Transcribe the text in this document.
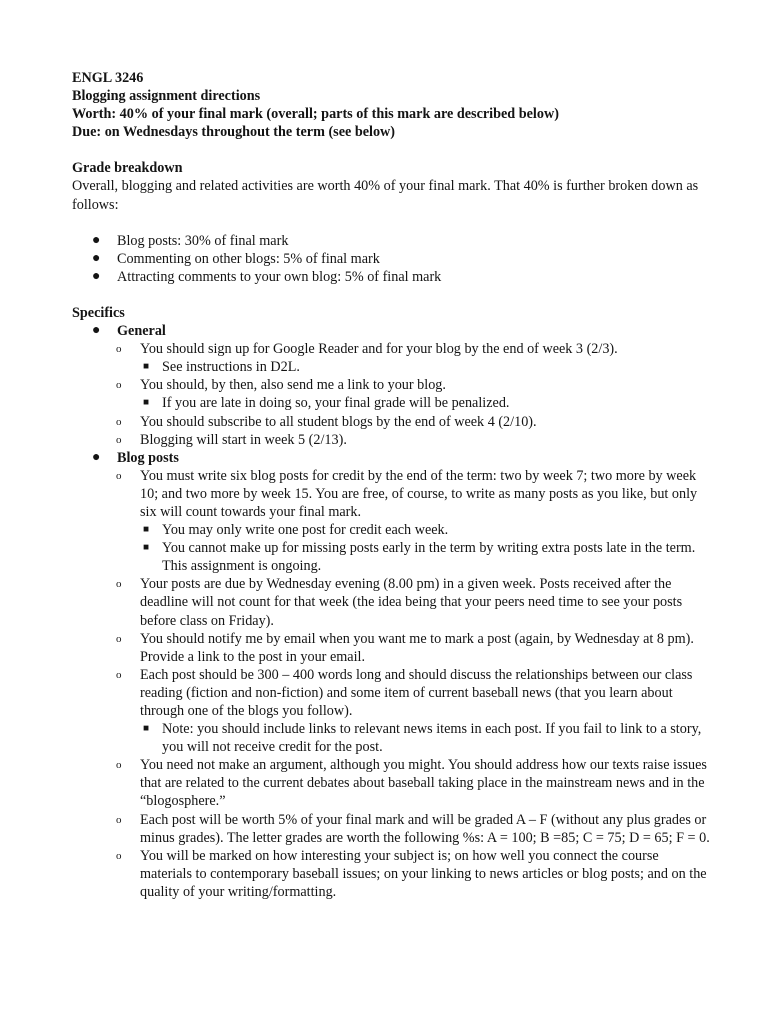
ENGL 3246

Blogging assignment directions

Worth: 40% of your final mark (overall; parts of this mark are described below)

Due: on Wednesdays throughout the term (see below)

Grade breakdown

Overall, blogging and related activities are worth 40% of your final mark. That 40% is further broken down as follows:

● Blog posts: 30% of final mark
● Commenting on other blogs: 5% of final mark
● Attracting comments to your own blog: 5% of final mark

Specifics

● General
o You should sign up for Google Reader and for your blog by the end of week 3 (2/3).
■ See instructions in D2L.
o You should, by then, also send me a link to your blog.
■ If you are late in doing so, your final grade will be penalized.
o You should subscribe to all student blogs by the end of week 4 (2/10).
o Blogging will start in week 5 (2/13).
● Blog posts
o You must write six blog posts for credit by the end of the term: two by week 7; two more by week 10; and two more by week 15. You are free, of course, to write as many posts as you like, but only six will count towards your final mark.
■ You may only write one post for credit each week.
■ You cannot make up for missing posts early in the term by writing extra posts late in the term. This assignment is ongoing.
o Your posts are due by Wednesday evening (8.00 pm) in a given week. Posts received after the deadline will not count for that week (the idea being that your peers need time to see your posts before class on Friday).
o You should notify me by email when you want me to mark a post (again, by Wednesday at 8 pm). Provide a link to the post in your email.
o Each post should be 300 – 400 words long and should discuss the relationships between our class reading (fiction and non-fiction) and some item of current baseball news (that you learn about through one of the blogs you follow).
■ Note: you should include links to relevant news items in each post. If you fail to link to a story, you will not receive credit for the post.
o You need not make an argument, although you might. You should address how our texts raise issues that are related to the current debates about baseball taking place in the mainstream news and in the “blogosphere.”
o Each post will be worth 5% of your final mark and will be graded A – F (without any plus grades or minus grades). The letter grades are worth the following %s: A = 100; B =85; C = 75; D = 65; F = 0.
o You will be marked on how interesting your subject is; on how well you connect the course materials to contemporary baseball issues; on your linking to news articles or blog posts; and on the quality of your writing/formatting.
